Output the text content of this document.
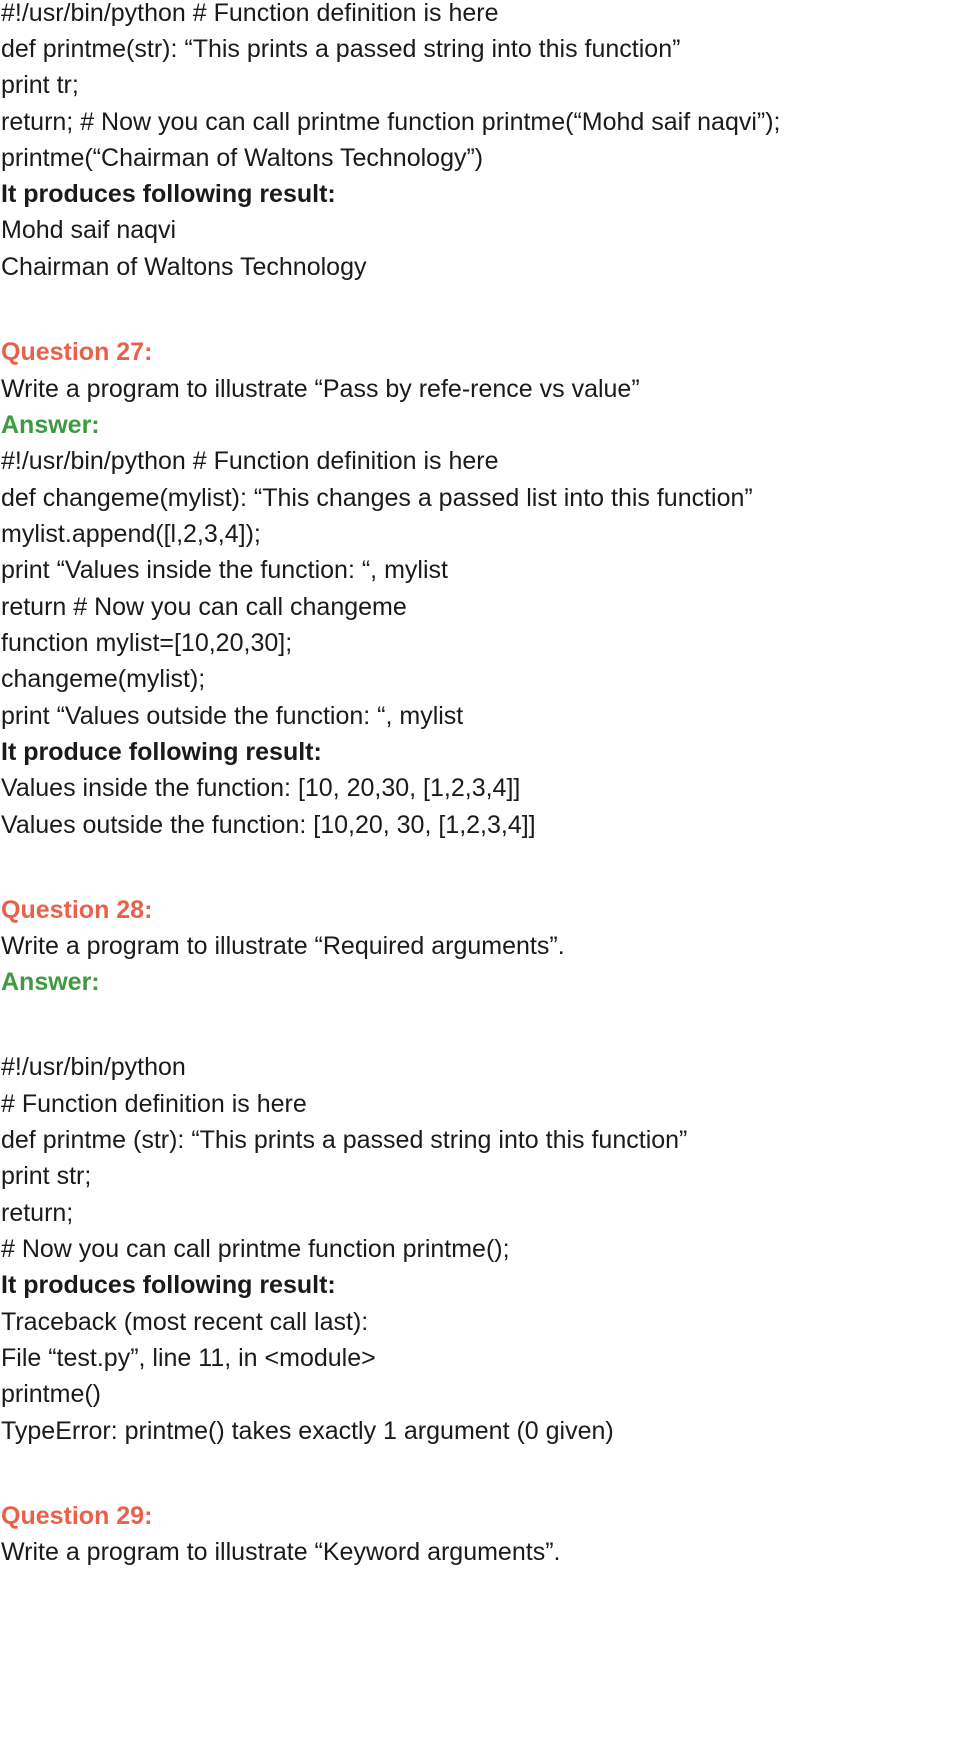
#!/usr/bin/python # Function definition is here

def printme(str): “This prints a passed string into this function”

print tr;

return; # Now you can call printme function printme(“Mohd saif naqvi”);

printme(“Chairman of Waltons Technology”)

It produces following result:

Mohd saif naqvi

Chairman of Waltons Technology

Question 27:

Write a program to illustrate “Pass by refe-rence vs value”

Answer:

#!/usr/bin/python # Function definition is here

def changeme(mylist): “This changes a passed list into this function”

mylist.append([l,2,3,4]);

print “Values inside the function: “, mylist

return # Now you can call changeme

function mylist=[10,20,30];

changeme(mylist);

print “Values outside the function: “, mylist

It produce following result:

Values inside the function: [10, 20,30, [1,2,3,4]]

Values outside the function: [10,20, 30, [1,2,3,4]]

Question 28:

Write a program to illustrate “Required arguments”.

Answer:

#!/usr/bin/python

# Function definition is here

def printme (str): “This prints a passed string into this function”

print str;

return;

# Now you can call printme function printme();

It produces following result:

Traceback (most recent call last):

File “test.py”, line 11, in <module>

printme()

TypeError: printme() takes exactly 1 argument (0 given)

Question 29:

Write a program to illustrate “Keyword arguments”.
